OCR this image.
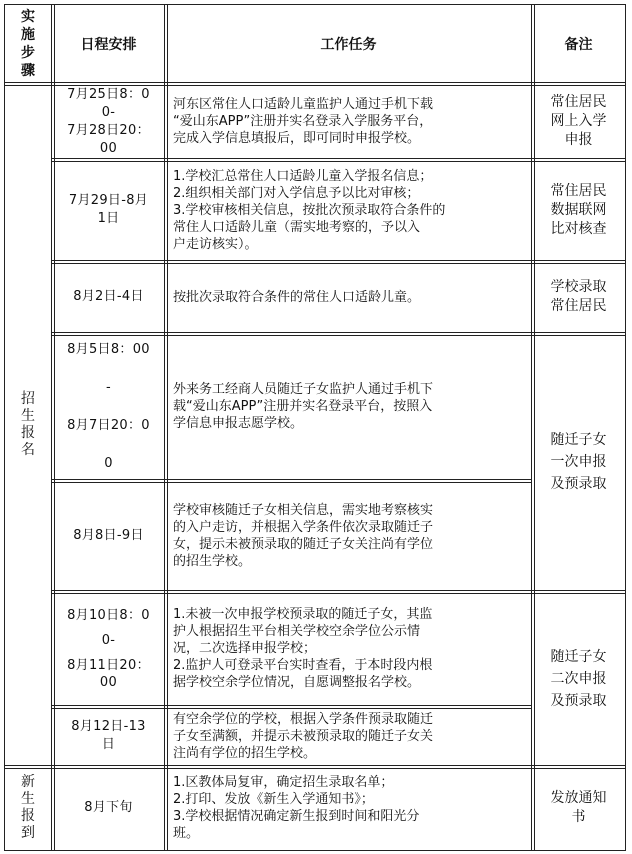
实
施
步
骤
日程安排	工作任务	备注
招
生
报
名
新
生
报
到
7月25日8：0
0-
7月28日20：
00
河东区常住人口适龄儿童监护人通过手机下载
“爱山东APP”注册并实名登录入学服务平台，
完成入学信息填报后，即可同时申报学校。
7月29日-8月
1日
1.学校汇总常住人口适龄儿童入学报名信息；
2.组织相关部门对入学信息予以比对审核；
3.学校审核相关信息，按批次预录取符合条件的
常住人口适龄儿童（需实地考察的，予以入
户走访核实）。
8月2日-4日 按批次录取符合条件的常住人口适龄儿童。
8月5日8：00
-
8月7日20：0
0
外来务工经商人员随迁子女监护人通过手机下
载“爱山东APP”注册并实名登录平台，按照入
学信息申报志愿学校。
8月8日-9日
学校审核随迁子女相关信息，需实地考察核实
的入户走访，并根据入学条件依次录取随迁子
女，提示未被预录取的随迁子女关注尚有学位
的招生学校。
8月10日8：0
0-
8月11日20：
00
1.未被一次申报学校预录取的随迁子女，其监
护人根据招生平台相关学校空余学位公示情
况，二次选择申报学校；
2.监护人可登录平台实时查看，于本时段内根
据学校空余学位情况，自愿调整报名学校。
8月12日-13
日
有空余学位的学校，根据入学条件预录取随迁
子女至满额，并提示未被预录取的随迁子女关
注尚有学位的招生学校。
8月下旬
1.区教体局复审，确定招生录取名单；
2.打印、发放《新生入学通知书》；
3.学校根据情况确定新生报到时间和阳光分
班。
常住居民
网上入学
申报
常住居民
数据联网
比对核查
学校录取
常住居民
随迁子女
一次申报
及预录取
随迁子女
二次申报
及预录取
发放通知
书
